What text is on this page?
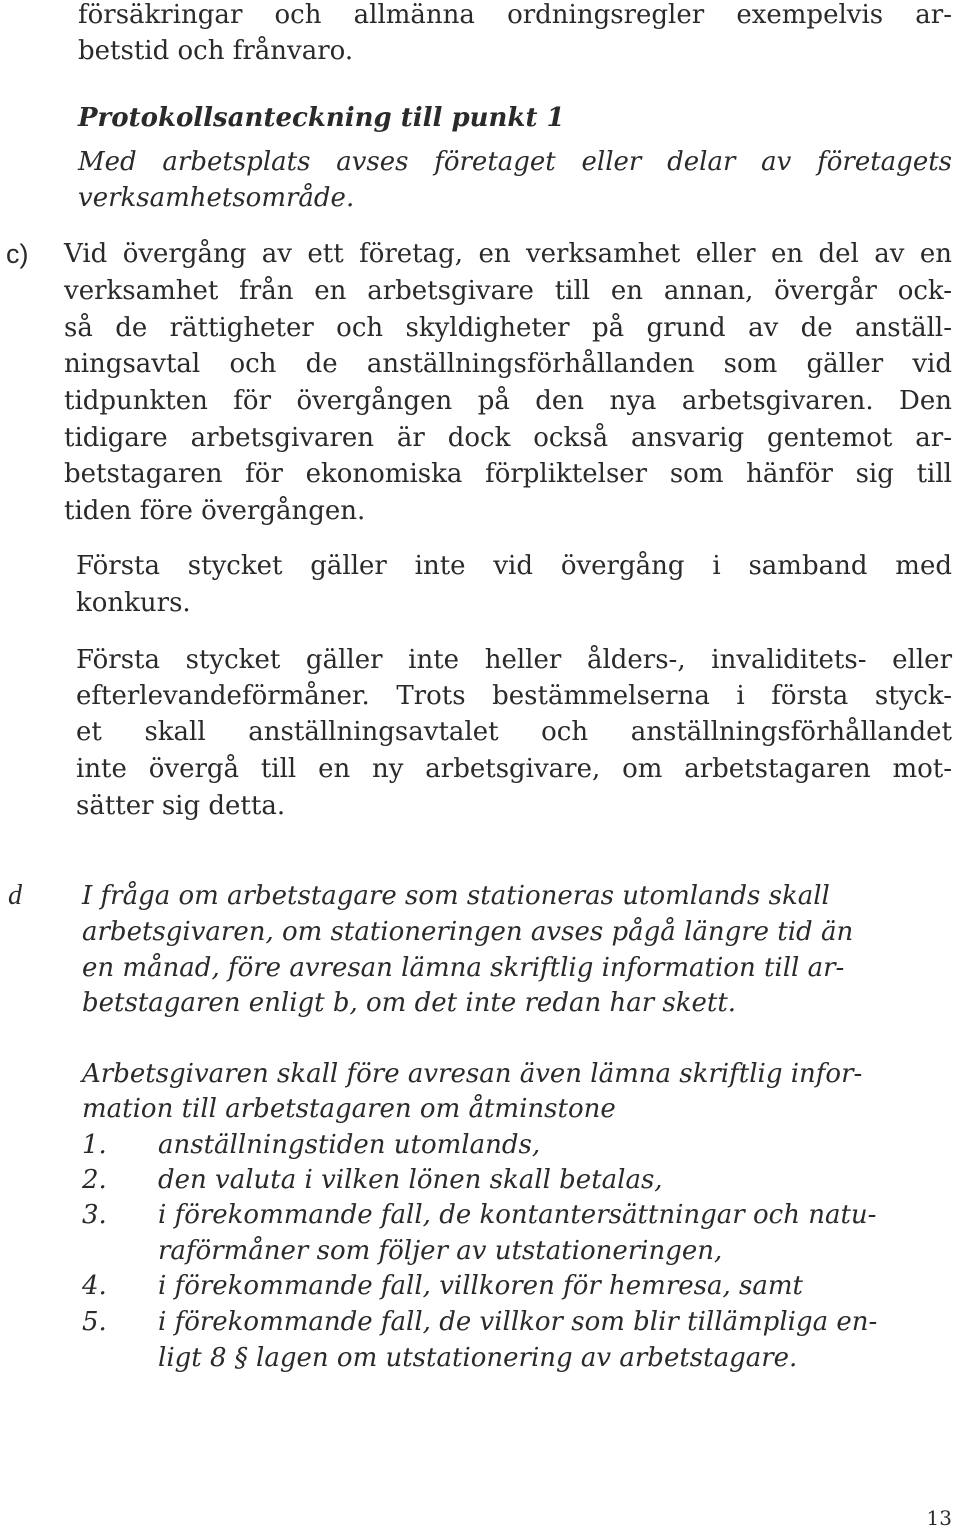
försäkringar och allmänna ordningsregler exempelvis ar-
betstid och frånvaro.
Protokollsanteckning till punkt 1
Med arbetsplats avses företaget eller delar av företagets
verksamhetsområde.
c) Vid övergång av ett företag, en verksamhet eller en del av en
verksamhet från en arbetsgivare till en annan, övergår ock-
så de rättigheter och skyldigheter på grund av de anställ-
ningsavtal och de anställningsförhållanden som gäller vid
tidpunkten för övergången på den nya arbetsgivaren. Den
tidigare arbetsgivaren är dock också ansvarig gentemot ar-
betstagaren för ekonomiska förpliktelser som hänför sig till
tiden före övergången.
Första stycket gäller inte vid övergång i samband med
konkurs.
Första stycket gäller inte heller ålders-, invaliditets- eller
efterlevandeförmåner. Trots bestämmelserna i första styck-
et skall anställningsavtalet och anställningsförhållandet
inte övergå till en ny arbetsgivare, om arbetstagaren mot-
sätter sig detta.
d I fråga om arbetstagare som stationeras utomlands skall
arbetsgivaren, om stationeringen avses pågå längre tid än
en månad, före avresan lämna skriftlig information till ar-
betstagaren enligt b, om det inte redan har skett.
Arbetsgivaren skall före avresan även lämna skriftlig infor-
mation till arbetstagaren om åtminstone
1. anställningstiden utomlands,
2. den valuta i vilken lönen skall betalas,
3. i förekommande fall, de kontantersättningar och natu-
raförmåner som följer av utstationeringen,
4. i förekommande fall, villkoren för hemresa, samt
5. i förekommande fall, de villkor som blir tillämpliga en-
ligt 8 § lagen om utstationering av arbetstagare.
13
